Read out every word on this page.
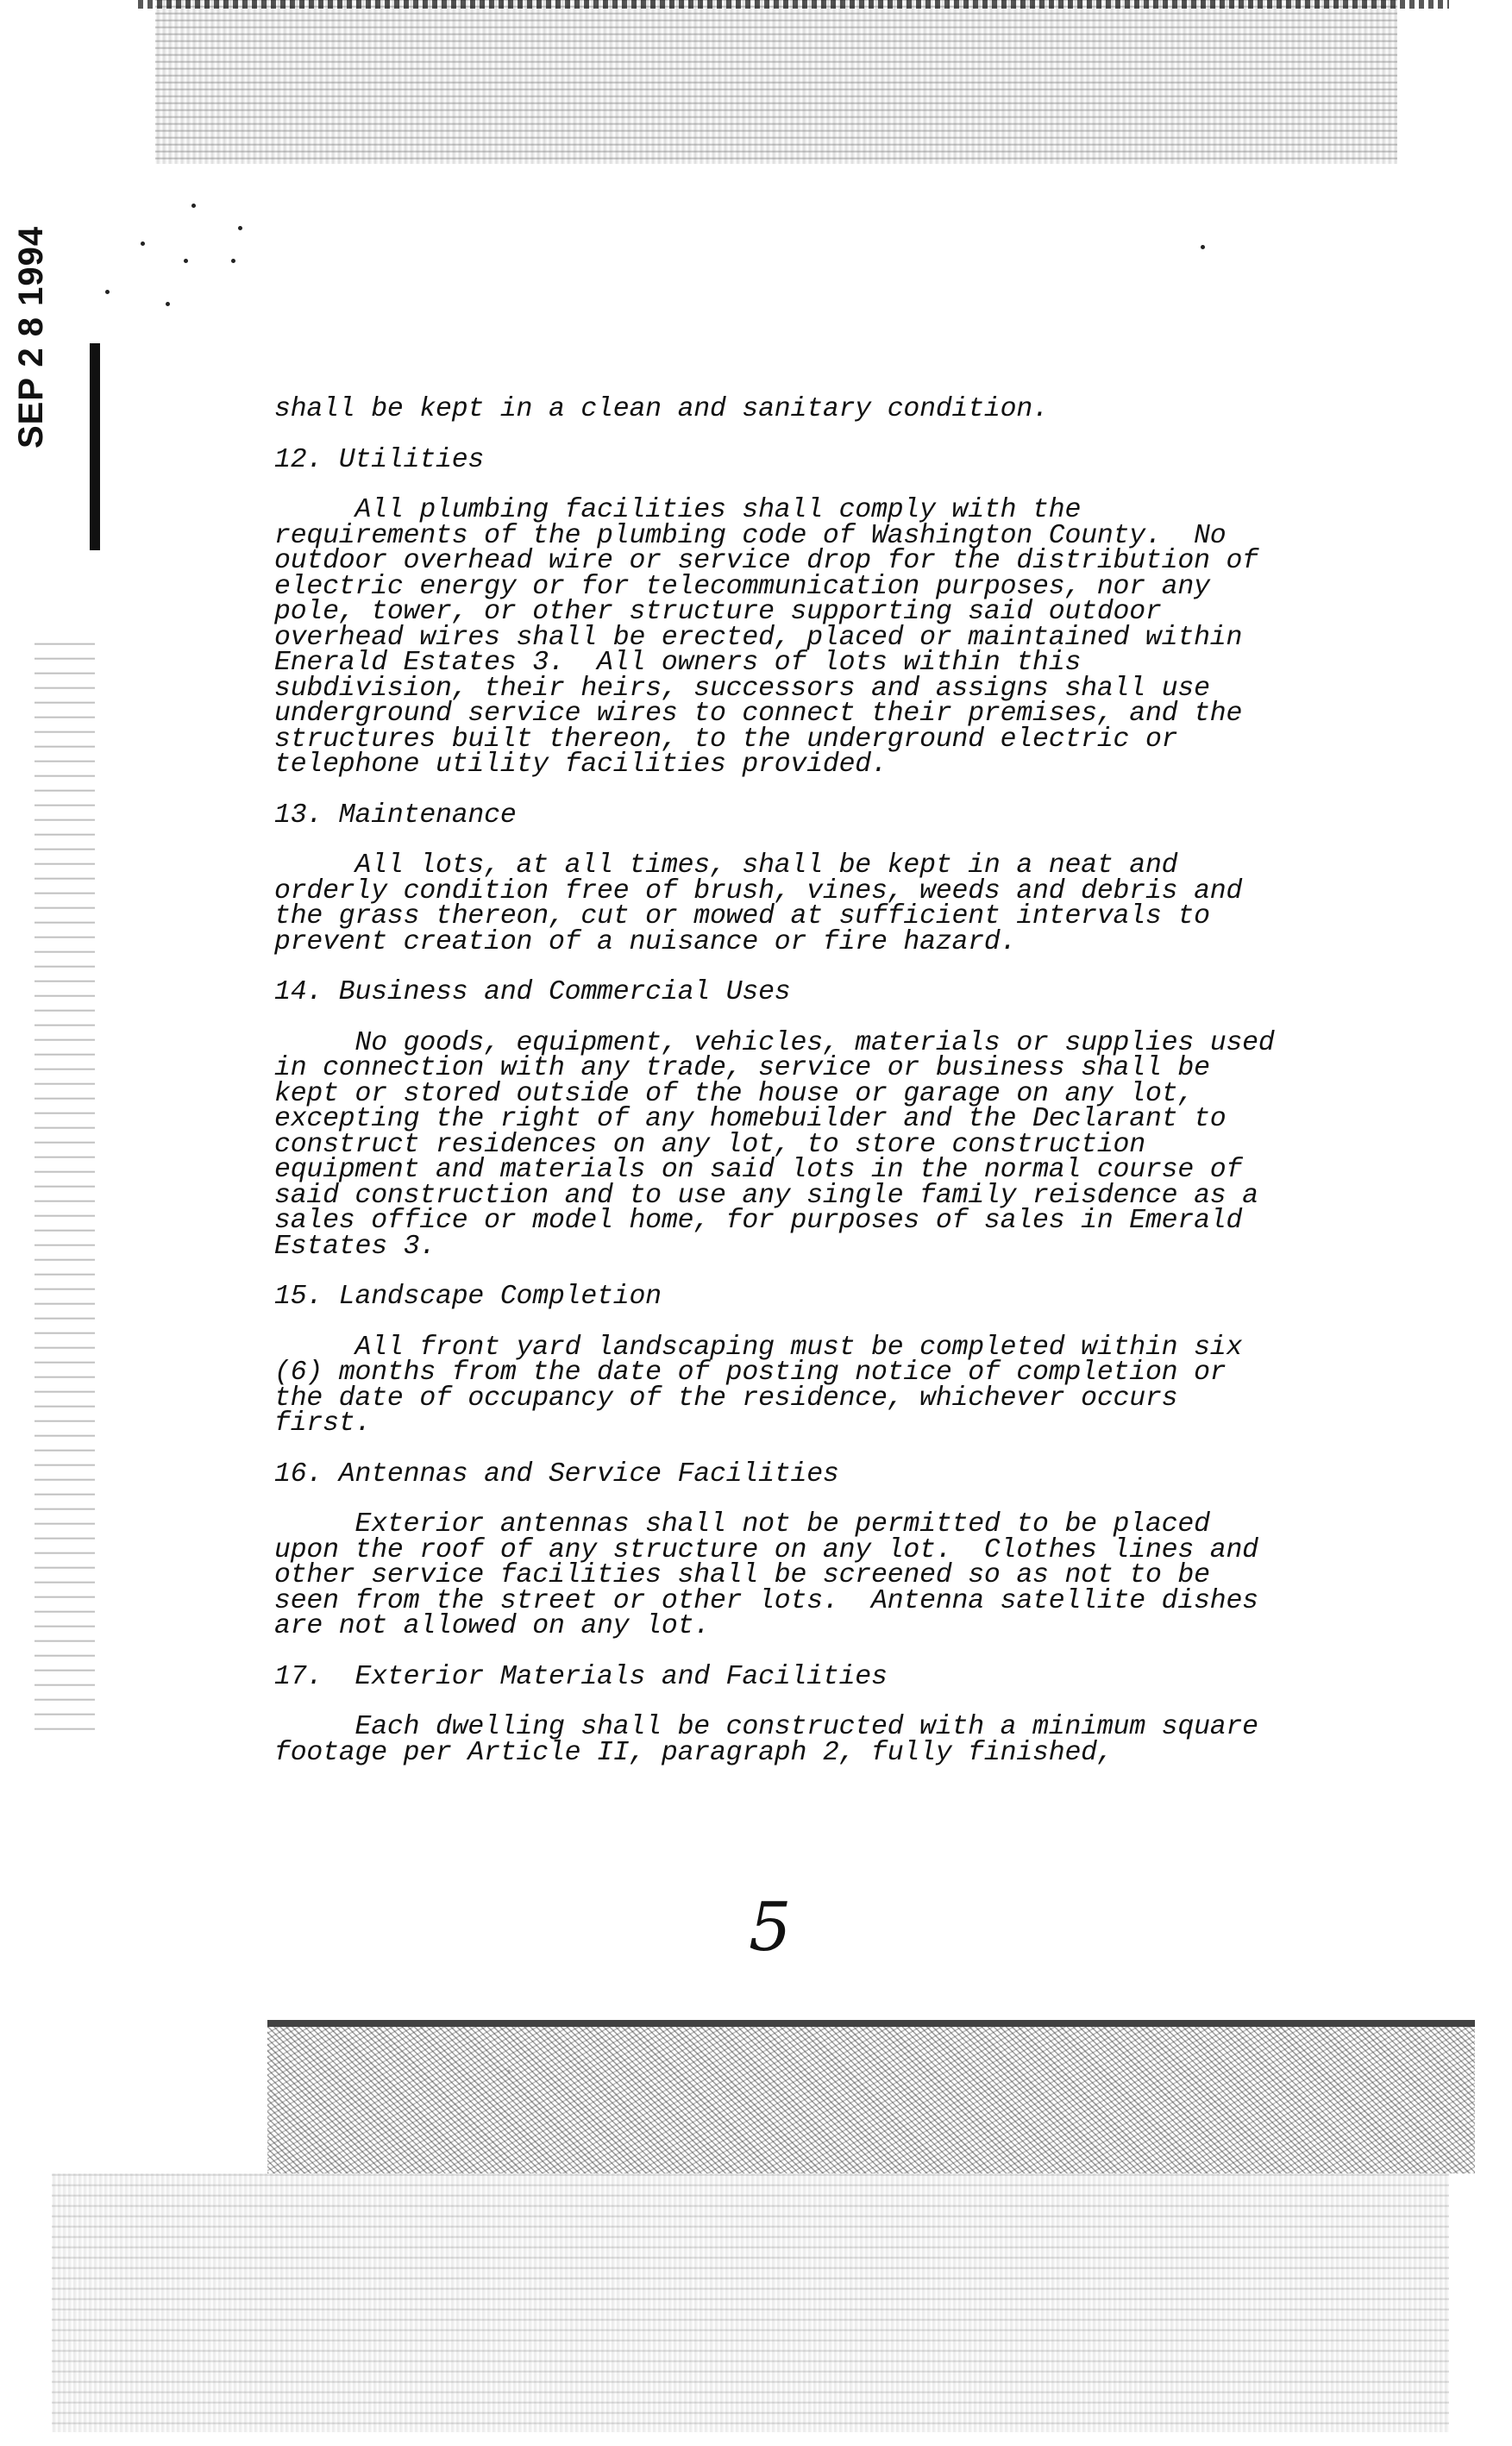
SEP 2 8 1994	shall be kept in a clean and sanitary condition.
12. Utilities
All plumbing facilities shall comply with the
requirements of the plumbing code of Washington County.  No
outdoor overhead wire or service drop for the distribution of
electric energy or for telecommunication purposes, nor any
pole, tower, or other structure supporting said outdoor
overhead wires shall be erected, placed or maintained within
Enerald Estates 3.  All owners of lots within this
subdivision, their heirs, successors and assigns shall use
underground service wires to connect their premises, and the
structures built thereon, to the underground electric or
telephone utility facilities provided.
13. Maintenance
All lots, at all times, shall be kept in a neat and
orderly condition free of brush, vines, weeds and debris and
the grass thereon, cut or mowed at sufficient intervals to
prevent creation of a nuisance or fire hazard.
14. Business and Commercial Uses
No goods, equipment, vehicles, materials or supplies used
in connection with any trade, service or business shall be
kept or stored outside of the house or garage on any lot,
excepting the right of any homebuilder and the Declarant to
construct residences on any lot, to store construction
equipment and materials on said lots in the normal course of
said construction and to use any single family reisdence as a
sales office or model home, for purposes of sales in Emerald
Estates 3.
15. Landscape Completion
All front yard landscaping must be completed within six
(6) months from the date of posting notice of completion or
the date of occupancy of the residence, whichever occurs
first.
16. Antennas and Service Facilities
Exterior antennas shall not be permitted to be placed
upon the roof of any structure on any lot.  Clothes lines and
other service facilities shall be screened so as not to be
seen from the street or other lots.  Antenna satellite dishes
are not allowed on any lot.
17.  Exterior Materials and Facilities
Each dwelling shall be constructed with a minimum square
footage per Article II, paragraph 2, fully finished,
5
